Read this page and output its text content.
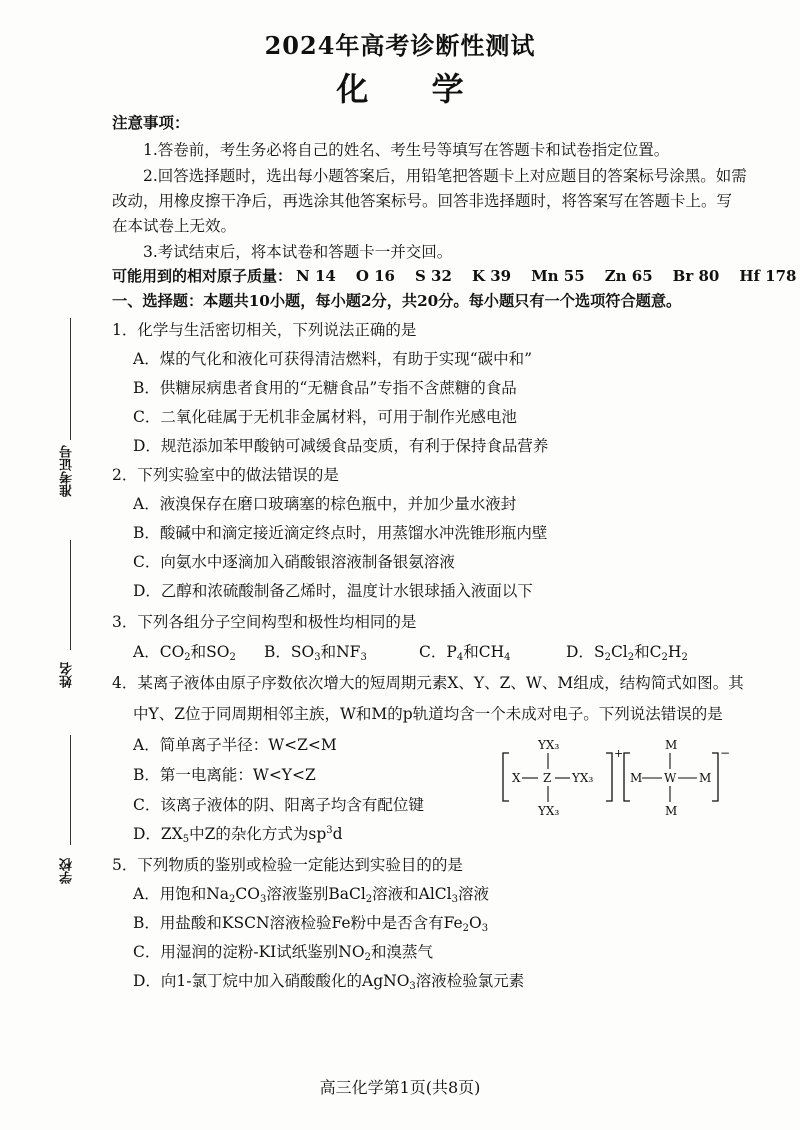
2024年高考诊断性测试
化 学
准考证号
姓名
学校
注意事项：
1.答卷前，考生务必将自己的姓名、考生号等填写在答题卡和试卷指定位置。
2.回答选择题时，选出每小题答案后，用铅笔把答题卡上对应题目的答案标号涂黑。如需
改动，用橡皮擦干净后，再选涂其他答案标号。回答非选择题时，将答案写在答题卡上。写
在本试卷上无效。
3.考试结束后，将本试卷和答题卡一并交回。
可能用到的相对原子质量： N 14 O 16 S 32 K 39 Mn 55 Zn 65 Br 80 Hf 178
一、选择题：本题共10小题，每小题2分，共20分。每小题只有一个选项符合题意。
1．化学与生活密切相关，下列说法正确的是
A．煤的气化和液化可获得清洁燃料，有助于实现“碳中和”
B．供糖尿病患者食用的“无糖食品”专指不含蔗糖的食品
C．二氧化硅属于无机非金属材料，可用于制作光感电池
D．规范添加苯甲酸钠可减缓食品变质，有利于保持食品营养
2．下列实验室中的做法错误的是
A．液溴保存在磨口玻璃塞的棕色瓶中，并加少量水液封
B．酸碱中和滴定接近滴定终点时，用蒸馏水冲洗锥形瓶内壁
C．向氨水中逐滴加入硝酸银溶液制备银氨溶液
D．乙醇和浓硫酸制备乙烯时，温度计水银球插入液面以下
3．下列各组分子空间构型和极性均相同的是
A．$CO_2$和$SO_2$ B．$SO_3$和$NF_3$	C．$P_4$和$CH_4$	D．$S_2Cl_2$和$C_2H_2$
4．某离子液体由原子序数依次增大的短周期元素X、Y、Z、W、M组成，结构简式如图。其
中Y、Z位于同周期相邻主族，W和M的p轨道均含一个未成对电子。下列说法错误的是
A．简单离子半径：W<Z<M
B．第一电离能：W<Y<Z
C．该离子液体的阴、阳离子均含有配位键
D．$ZX_5$中Z的杂化方式为$sp^3d$
YX₃
X Z YX₃
YX₃
+
M
M W M
M
−
5．下列物质的鉴别或检验一定能达到实验目的的是
A．用饱和$Na_2CO_3$溶液鉴别BaCl$_2$溶液和AlCl$_3$溶液
B．用盐酸和KSCN溶液检验Fe粉中是否含有$Fe_2O_3$
C．用湿润的淀粉-KI试纸鉴别$NO_2$和溴蒸气
D．向1-氯丁烷中加入硝酸酸化的AgNO$_3$溶液检验氯元素
高三化学第1页(共8页)
